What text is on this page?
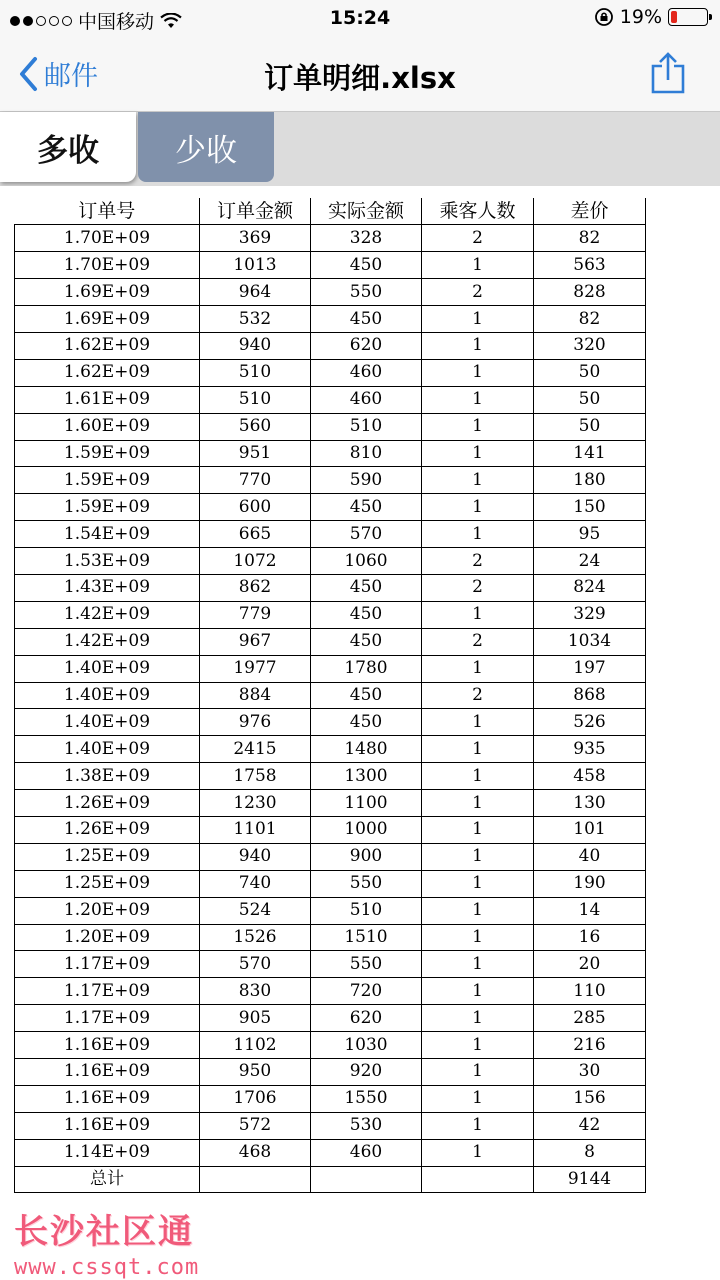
中国移动	15:24	19%
邮件	订单明细.xlsx
多收	少收
订单号	订单金额	实际金额	乘客人数	差价
1.70E+09	369	328	2	82
1.70E+09	1013	450	1	563
1.69E+09	964	550	2	828
1.69E+09	532	450	1	82
1.62E+09	940	620	1	320
1.62E+09	510	460	1	50
1.61E+09	510	460	1	50
1.60E+09	560	510	1	50
1.59E+09	951	810	1	141
1.59E+09	770	590	1	180
1.59E+09	600	450	1	150
1.54E+09	665	570	1	95
1.53E+09	1072	1060	2	24
1.43E+09	862	450	2	824
1.42E+09	779	450	1	329
1.42E+09	967	450	2	1034
1.40E+09	1977	1780	1	197
1.40E+09	884	450	2	868
1.40E+09	976	450	1	526
1.40E+09	2415	1480	1	935
1.38E+09	1758	1300	1	458
1.26E+09	1230	1100	1	130
1.26E+09	1101	1000	1	101
1.25E+09	940	900	1	40
1.25E+09	740	550	1	190
1.20E+09	524	510	1	14
1.20E+09	1526	1510	1	16
1.17E+09	570	550	1	20
1.17E+09	830	720	1	110
1.17E+09	905	620	1	285
1.16E+09	1102	1030	1	216
1.16E+09	950	920	1	30
1.16E+09	1706	1550	1	156
1.16E+09	572	530	1	42
1.14E+09	468	460	1	8
总计				9144
长沙社区通
www.cssqt.com
